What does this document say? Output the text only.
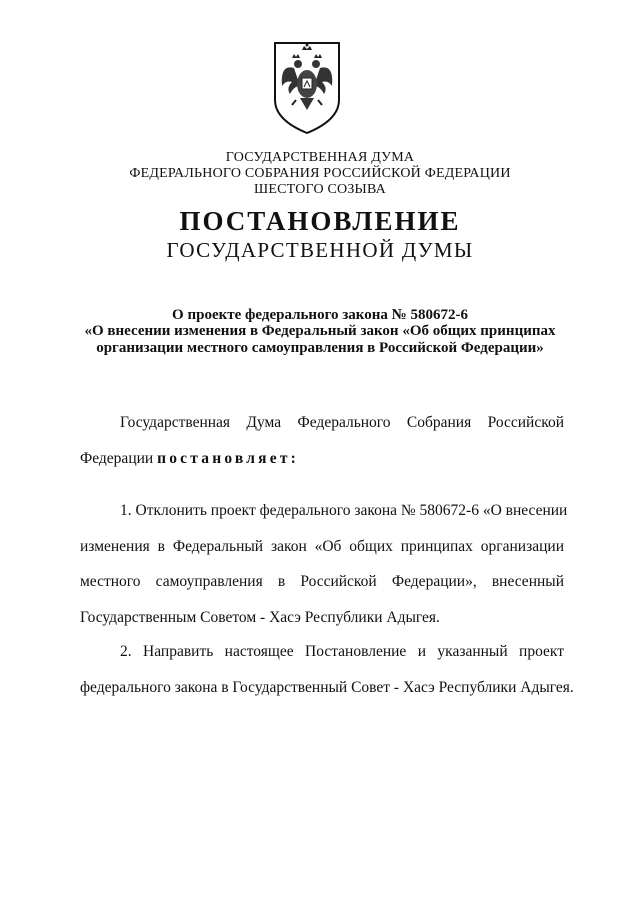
ГОСУДАРСТВЕННАЯ ДУМА
ФЕДЕРАЛЬНОГО СОБРАНИЯ РОССИЙСКОЙ ФЕДЕРАЦИИ
ШЕСТОГО СОЗЫВА
ПОСТАНОВЛЕНИЕ
ГОСУДАРСТВЕННОЙ ДУМЫ
О проекте федерального закона № 580672-6
«О внесении изменения в Федеральный закон «Об общих принципах
организации местного самоуправления в Российской Федерации»
Государственная Дума Федерального Собрания Российской
Федерации постановляет:
1. Отклонить проект федерального закона № 580672-6 «О внесении
изменения в Федеральный закон «Об общих принципах организации
местного самоуправления в Российской Федерации», внесенный
Государственным Советом - Хасэ Республики Адыгея.
2. Направить настоящее Постановление и указанный проект
федерального закона в Государственный Совет - Хасэ Республики Адыгея.
